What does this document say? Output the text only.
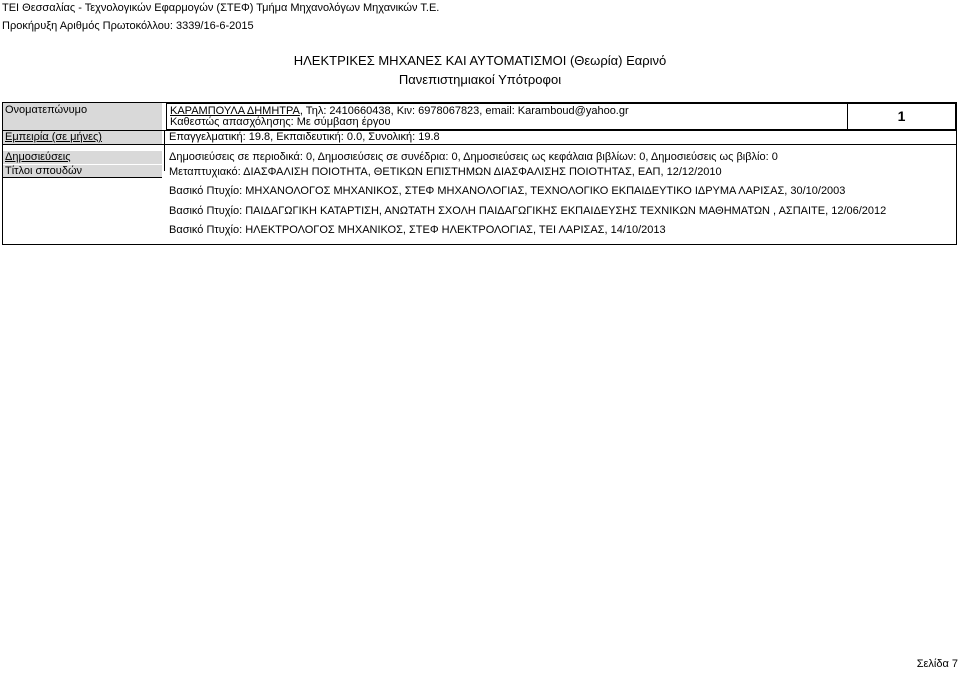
ΤΕΙ Θεσσαλίας - Τεχνολογικών Εφαρμογών (ΣΤΕΦ) Τμήμα Μηχανολόγων Μηχανικών Τ.Ε.
Προκήρυξη Αριθμός Πρωτοκόλλου: 3339/16-6-2015
ΗΛΕΚΤΡΙΚΕΣ ΜΗΧΑΝΕΣ ΚΑΙ ΑΥΤΟΜΑΤΙΣΜΟΙ (Θεωρία) Εαρινό
Πανεπιστημιακοί Υπότροφοι
Ονοματεπώνυμο	ΚΑΡΑΜΠΟΥΛΑ ΔΗΜΗΤΡΑ, Τηλ: 2410660438, Κιν: 6978067823, email: Karamboud@yahoo.gr
Καθεστώς απασχόλησης: Με σύμβαση έργου	1
Εμπειρία (σε μήνες)	Επαγγελματική: 19.8, Εκπαιδευτική: 0.0, Συνολική: 19.8
Δημοσιεύσεις	Δημοσιεύσεις σε περιοδικά: 0, Δημοσιεύσεις σε συνέδρια: 0, Δημοσιεύσεις ως κεφάλαια βιβλίων: 0, Δημοσιεύσεις ως βιβλίο: 0
Τίτλοι σπουδών	Μεταπτυχιακό: ΔΙΑΣΦΑΛΙΣΗ ΠΟΙΟΤΗΤΑ, ΘΕΤΙΚΩΝ ΕΠΙΣΤΗΜΩΝ ΔΙΑΣΦΑΛΙΣΗΣ ΠΟΙΟΤΗΤΑΣ, ΕΑΠ, 12/12/2010
Βασικό Πτυχίο: ΜΗΧΑΝΟΛΟΓΟΣ ΜΗΧΑΝΙΚΟΣ, ΣΤΕΦ ΜΗΧΑΝΟΛΟΓΙΑΣ, ΤΕΧΝΟΛΟΓΙΚΟ ΕΚΠΑΙΔΕΥΤΙΚΟ ΙΔΡΥΜΑ ΛΑΡΙΣΑΣ, 30/10/2003
Βασικό Πτυχίο: ΠΑΙΔΑΓΩΓΙΚΗ ΚΑΤΑΡΤΙΣΗ, ΑΝΩΤΑΤΗ ΣΧΟΛΗ ΠΑΙΔΑΓΩΓΙΚΗΣ ΕΚΠΑΙΔΕΥΣΗΣ ΤΕΧΝΙΚΩΝ ΜΑΘΗΜΑΤΩΝ , ΑΣΠΑΙΤΕ, 12/06/2012
Βασικό Πτυχίο: ΗΛΕΚΤΡΟΛΟΓΟΣ ΜΗΧΑΝΙΚΟΣ, ΣΤΕΦ ΗΛΕΚΤΡΟΛΟΓΙΑΣ, ΤΕΙ ΛΑΡΙΣΑΣ, 14/10/2013
Σελίδα 7
